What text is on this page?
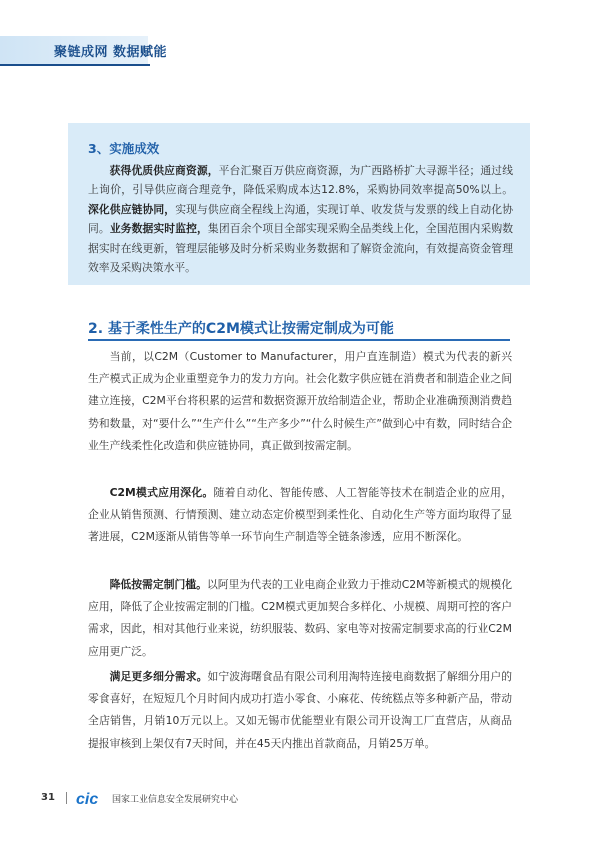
聚链成网 数据赋能
3、实施成效
获得优质供应商资源，平台汇聚百万供应商资源，为广西路桥扩大寻源半径；通过线上询价，引导供应商合理竞争，降低采购成本达12.8%，采购协同效率提高50%以上。深化供应链协同，实现与供应商全程线上沟通，实现订单、收发货与发票的线上自动化协同。业务数据实时监控，集团百余个项目全部实现采购全品类线上化，全国范围内采购数据实时在线更新，管理层能够及时分析采购业务数据和了解资金流向，有效提高资金管理效率及采购决策水平。
2. 基于柔性生产的C2M模式让按需定制成为可能
当前，以C2M（Customer to Manufacturer，用户直连制造）模式为代表的新兴生产模式正成为企业重塑竞争力的发力方向。社会化数字供应链在消费者和制造企业之间建立连接，C2M平台将积累的运营和数据资源开放给制造企业，帮助企业准确预测消费趋势和数量，对“要什么”“生产什么”“生产多少”“什么时候生产”做到心中有数，同时结合企业生产线柔性化改造和供应链协同，真正做到按需定制。
C2M模式应用深化。随着自动化、智能传感、人工智能等技术在制造企业的应用，企业从销售预测、行情预测、建立动态定价模型到柔性化、自动化生产等方面均取得了显著进展，C2M逐渐从销售等单一环节向生产制造等全链条渗透，应用不断深化。
降低按需定制门槛。以阿里为代表的工业电商企业致力于推动C2M等新模式的规模化应用，降低了企业按需定制的门槛。C2M模式更加契合多样化、小规模、周期可控的客户需求，因此，相对其他行业来说，纺织服装、数码、家电等对按需定制要求高的行业C2M应用更广泛。
满足更多细分需求。如宁波海曙食品有限公司利用淘特连接电商数据了解细分用户的零食喜好，在短短几个月时间内成功打造小零食、小麻花、传统糕点等多种新产品，带动全店销售，月销10万元以上。又如无锡市优能塑业有限公司开设淘工厂直营店，从商品提报审核到上架仅有7天时间，并在45天内推出首款商品，月销25万单。
31 cic 国家工业信息安全发展研究中心
